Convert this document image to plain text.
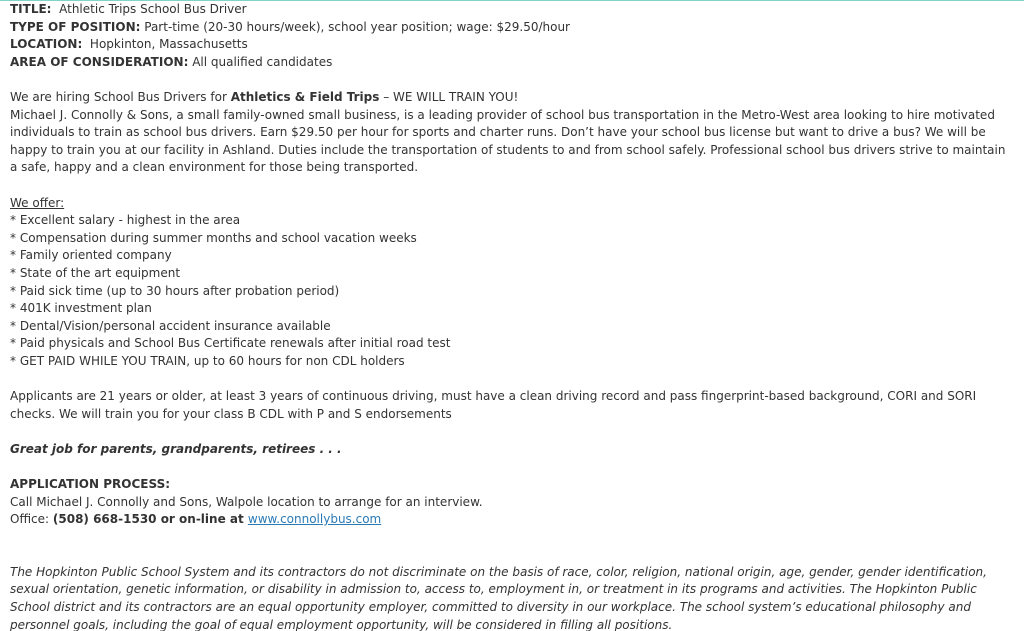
TITLE: Athletic Trips School Bus Driver

TYPE OF POSITION: Part-time (20-30 hours/week), school year position; wage: $29.50/hour

LOCATION: Hopkinton, Massachusetts

AREA OF CONSIDERATION: All qualified candidates

We are hiring School Bus Drivers for Athletics & Field Trips – WE WILL TRAIN YOU!

Michael J. Connolly & Sons, a small family-owned small business, is a leading provider of school bus transportation in the Metro-West area looking to hire motivated individuals to train as school bus drivers. Earn $29.50 per hour for sports and charter runs. Don’t have your school bus license but want to drive a bus? We will be happy to train you at our facility in Ashland. Duties include the transportation of students to and from school safely. Professional school bus drivers strive to maintain a safe, happy and a clean environment for those being transported.

We offer:

* Excellent salary - highest in the area

* Compensation during summer months and school vacation weeks

* Family oriented company

* State of the art equipment

* Paid sick time (up to 30 hours after probation period)

* 401K investment plan

* Dental/Vision/personal accident insurance available

* Paid physicals and School Bus Certificate renewals after initial road test

* GET PAID WHILE YOU TRAIN, up to 60 hours for non CDL holders

Applicants are 21 years or older, at least 3 years of continuous driving, must have a clean driving record and pass fingerprint-based background, CORI and SORI checks. We will train you for your class B CDL with P and S endorsements

Great job for parents, grandparents, retirees . . .

APPLICATION PROCESS:

Call Michael J. Connolly and Sons, Walpole location to arrange for an interview.

Office: (508) 668-1530 or on-line at www.connollybus.com

The Hopkinton Public School System and its contractors do not discriminate on the basis of race, color, religion, national origin, age, gender, gender identification, sexual orientation, genetic information, or disability in admission to, access to, employment in, or treatment in its programs and activities. The Hopkinton Public School district and its contractors are an equal opportunity employer, committed to diversity in our workplace. The school system’s educational philosophy and personnel goals, including the goal of equal employment opportunity, will be considered in filling all positions.
